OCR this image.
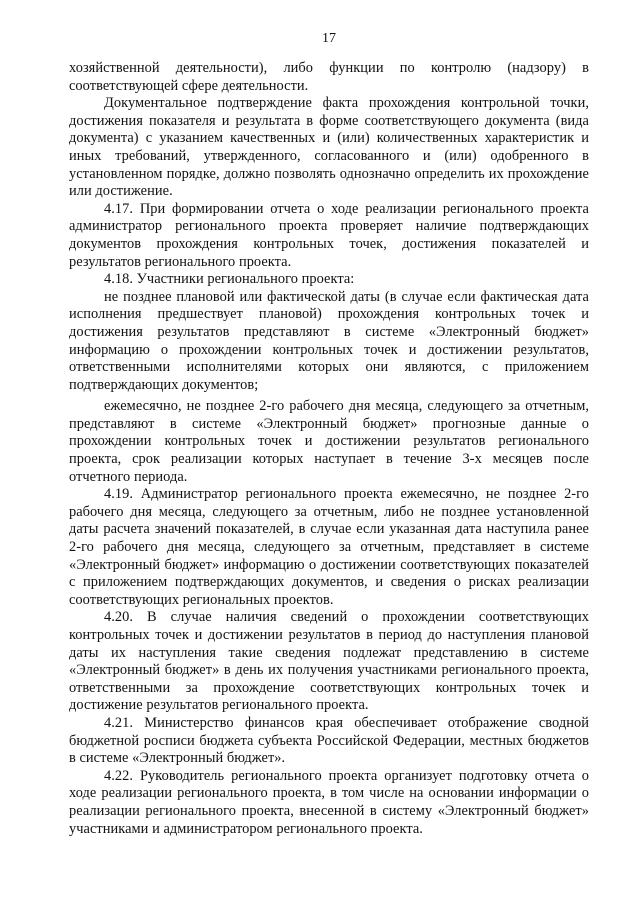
17

хозяйственной деятельности), либо функции по контролю (надзору) в соответствующей сфере деятельности.

Документальное подтверждение факта прохождения контрольной точки, достижения показателя и результата в форме соответствующего документа (вида документа) с указанием качественных и (или) количественных характеристик и иных требований, утвержденного, согласованного и (или) одобренного в установленном порядке, должно позволять однозначно определить их прохождение или достижение.

4.17. При формировании отчета о ходе реализации регионального проекта администратор регионального проекта проверяет наличие подтверждающих документов прохождения контрольных точек, достижения показателей и результатов регионального проекта.

4.18. Участники регионального проекта:

не позднее плановой или фактической даты (в случае если фактическая дата исполнения предшествует плановой) прохождения контрольных точек и достижения результатов представляют в системе «Электронный бюджет» информацию о прохождении контрольных точек и достижении результатов, ответственными исполнителями которых они являются, с приложением подтверждающих документов;

ежемесячно, не позднее 2-го рабочего дня месяца, следующего за отчетным, представляют в системе «Электронный бюджет» прогнозные данные о прохождении контрольных точек и достижении результатов регионального проекта, срок реализации которых наступает в течение 3-х месяцев после отчетного периода.

4.19. Администратор регионального проекта ежемесячно, не позднее 2-го рабочего дня месяца, следующего за отчетным, либо не позднее установленной даты расчета значений показателей, в случае если указанная дата наступила ранее 2-го рабочего дня месяца, следующего за отчетным, представляет в системе «Электронный бюджет» информацию о достижении соответствующих показателей с приложением подтверждающих документов, и сведения о рисках реализации соответствующих региональных проектов.

4.20. В случае наличия сведений о прохождении соответствующих контрольных точек и достижении результатов в период до наступления плановой даты их наступления такие сведения подлежат представлению в системе «Электронный бюджет» в день их получения участниками регионального проекта, ответственными за прохождение соответствующих контрольных точек и достижение результатов регионального проекта.

4.21. Министерство финансов края обеспечивает отображение сводной бюджетной росписи бюджета субъекта Российской Федерации, местных бюджетов в системе «Электронный бюджет».

4.22. Руководитель регионального проекта организует подготовку отчета о ходе реализации регионального проекта, в том числе на основании информации о реализации регионального проекта, внесенной в систему «Электронный бюджет» участниками и администратором регионального проекта.
